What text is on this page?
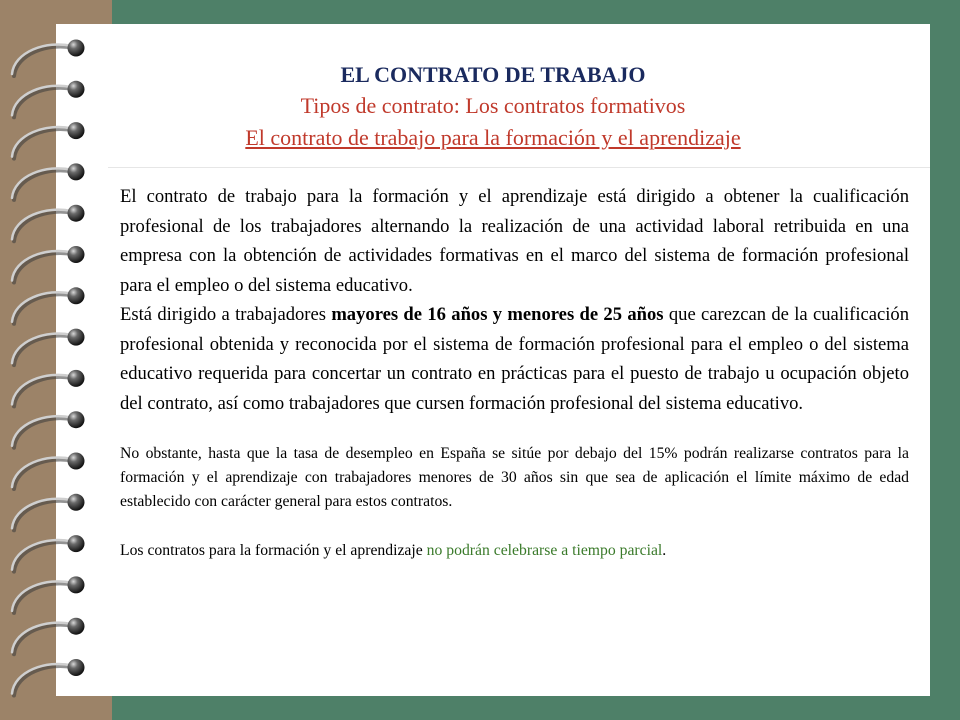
EL CONTRATO DE TRABAJO
Tipos de contrato: Los contratos formativos
El contrato de trabajo para la formación y el aprendizaje

El contrato de trabajo para la formación y el aprendizaje está dirigido a obtener la cualificación profesional de los trabajadores alternando la realización de una actividad laboral retribuida en una empresa con la obtención de actividades formativas en el marco del sistema de formación profesional para el empleo o del sistema educativo.

Está dirigido a trabajadores mayores de 16 años y menores de 25 años que carezcan de la cualificación profesional obtenida y reconocida por el sistema de formación profesional para el empleo o del sistema educativo requerida para concertar un contrato en prácticas para el puesto de trabajo u ocupación objeto del contrato, así como trabajadores que cursen formación profesional del sistema educativo.

No obstante, hasta que la tasa de desempleo en España se sitúe por debajo del 15% podrán realizarse contratos para la formación y el aprendizaje con trabajadores menores de 30 años sin que sea de aplicación el límite máximo de edad establecido con carácter general para estos contratos.

Los contratos para la formación y el aprendizaje no podrán celebrarse a tiempo parcial.
